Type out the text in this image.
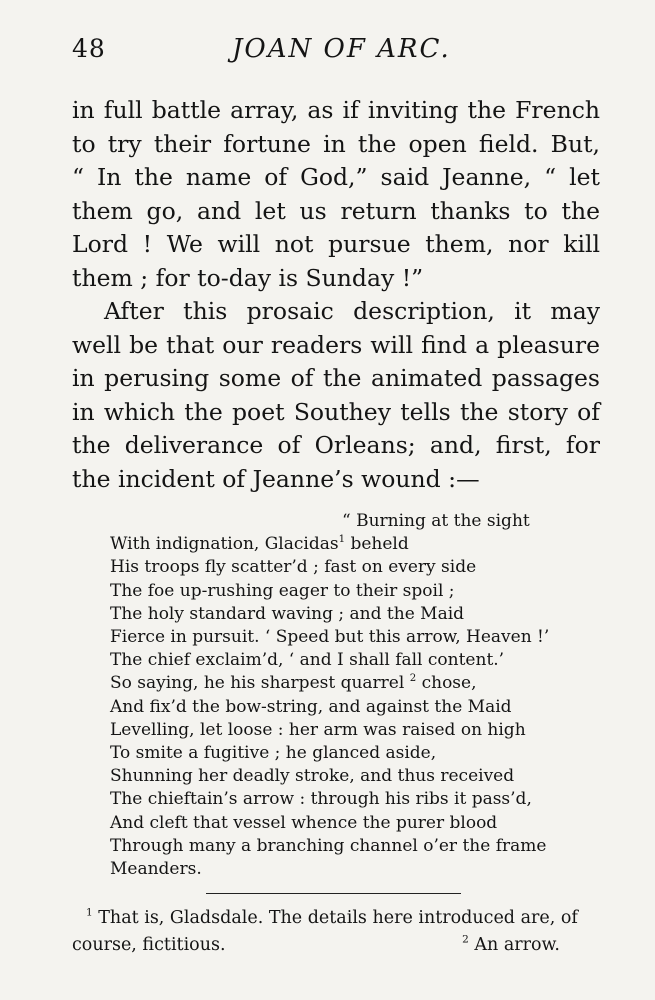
48	JOAN OF ARC.
in full battle array, as if inviting the French
to try their fortune in the open field. But,
“ In the name of God,” said Jeanne, “ let
them go, and let us return thanks to the
Lord ! We will not pursue them, nor kill
them ; for to-day is Sunday !”
After this prosaic description, it may
well be that our readers will find a pleasure
in perusing some of the animated passages
in which the poet Southey tells the story of
the deliverance of Orleans; and, first, for
the incident of Jeanne’s wound :—
“ Burning at the sight
With indignation, Glacidas$^1$ beheld
His troops fly scatter’d ; fast on every side
The foe up-rushing eager to their spoil ;
The holy standard waving ; and the Maid
Fierce in pursuit. ‘ Speed but this arrow, Heaven !’
The chief exclaim’d, ‘ and I shall fall content.’
So saying, he his sharpest quarrel $^2$ chose,
And fix’d the bow-string, and against the Maid
Levelling, let loose : her arm was raised on high
To smite a fugitive ; he glanced aside,
Shunning her deadly stroke, and thus received
The chieftain’s arrow : through his ribs it pass’d,
And cleft that vessel whence the purer blood
Through many a branching channel o’er the frame
Meanders.
$^1$ That is, Gladsdale. The details here introduced are, of
course, fictitious.	$^2$ An arrow.
